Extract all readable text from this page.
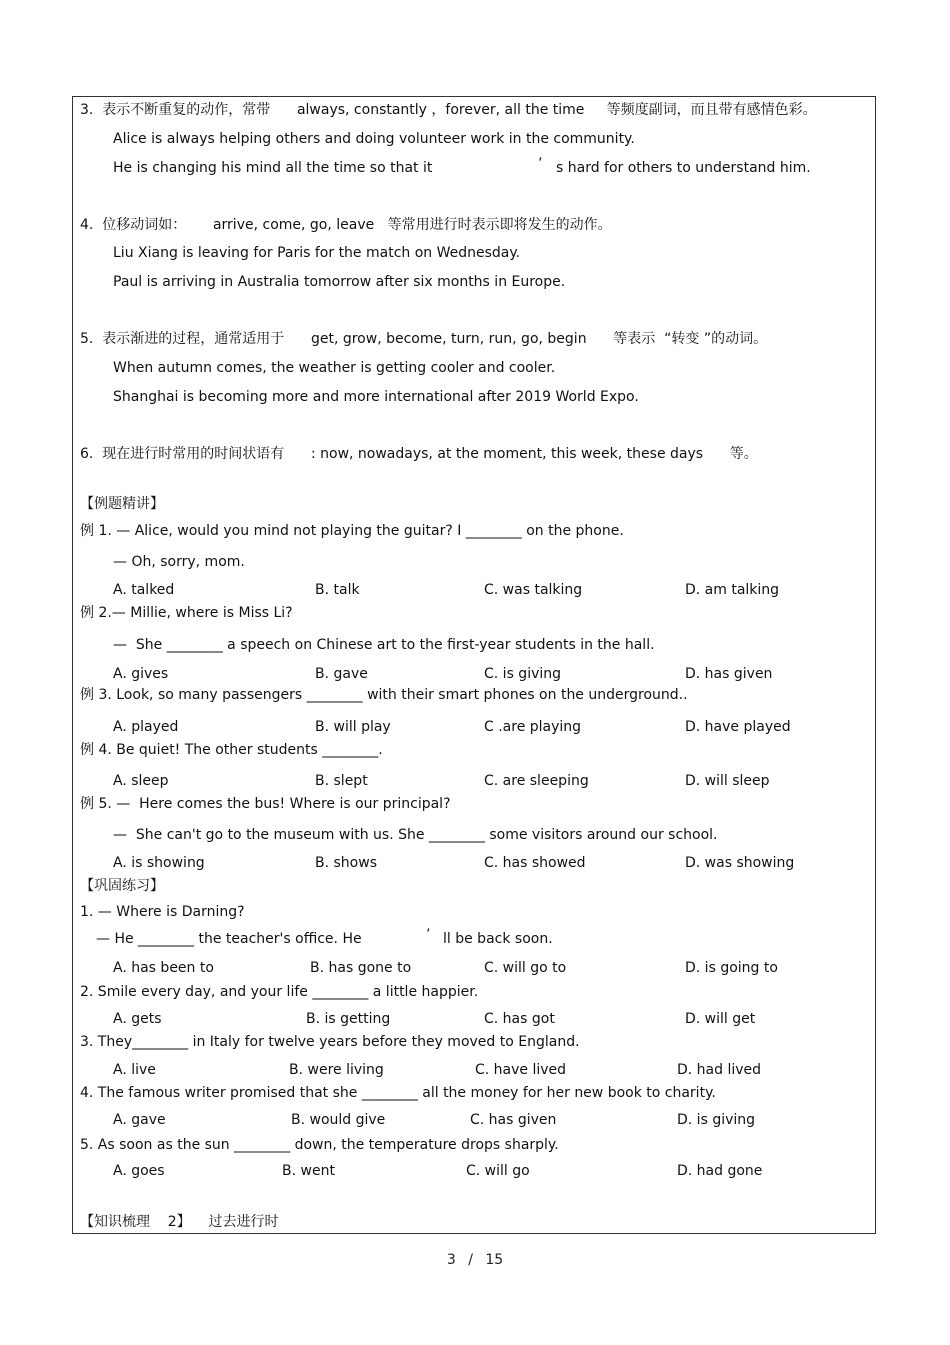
3.  表示不断重复的动作，常带      always, constantly ，forever, all the time     等频度副词，而且带有感情色彩。
Alice is always helping others and doing volunteer work in the community.
He is changing his mind all the time so that it	’ s hard for others to understand him.
4.  位移动词如：      arrive, come, go, leave   等常用进行时表示即将发生的动作。
Liu Xiang is leaving for Paris for the match on Wednesday.
Paul is arriving in Australia tomorrow after six months in Europe.
5.  表示渐进的过程，通常适用于      get, grow, become, turn, run, go, begin      等表示  “转变 ”的动词。
When autumn comes, the weather is getting cooler and cooler.
Shanghai is becoming more and more international after 2019 World Expo.
6.  现在进行时常用的时间状语有      : now, nowadays, at the moment, this week, these days      等。
【例题精讲】
例 1. — Alice, would you mind not playing the guitar? I ________ on the phone.
— Oh, sorry, mom.
A. talked	B. talk	C. was talking	D. am talking
例 2.— Millie, where is Miss Li?
—  She ________ a speech on Chinese art to the first-year students in the hall.
A. gives	B. gave	C. is giving	D. has given
例 3. Look, so many passengers ________ with their smart phones on the underground..
A. played	B. will play	C .are playing	D. have played
例 4. Be quiet! The other students ________.
A. sleep	B. slept	C. are sleeping	D. will sleep
例 5. —  Here comes the bus! Where is our principal?
—  She can't go to the museum with us. She ________ some visitors around our school.
A. is showing	B. shows	C. has showed	D. was showing
【巩固练习】
1. — Where is Darning?
— He ________ the teacher's office. He	’ ll be back soon.
A. has been to	B. has gone to	C. will go to	D. is going to
2. Smile every day, and your life ________ a little happier.
A. gets	B. is getting	C. has got	D. will get
3. They________ in Italy for twelve years before they moved to England.
A. live	B. were living	C. have lived	D. had lived
4. The famous writer promised that she ________ all the money for her new book to charity.
A. gave	B. would give	C. has given	D. is giving
5. As soon as the sun ________ down, the temperature drops sharply.
A. goes	B. went	C. will go	D. had gone
【知识梳理    2】    过去进行时
3 / 15
